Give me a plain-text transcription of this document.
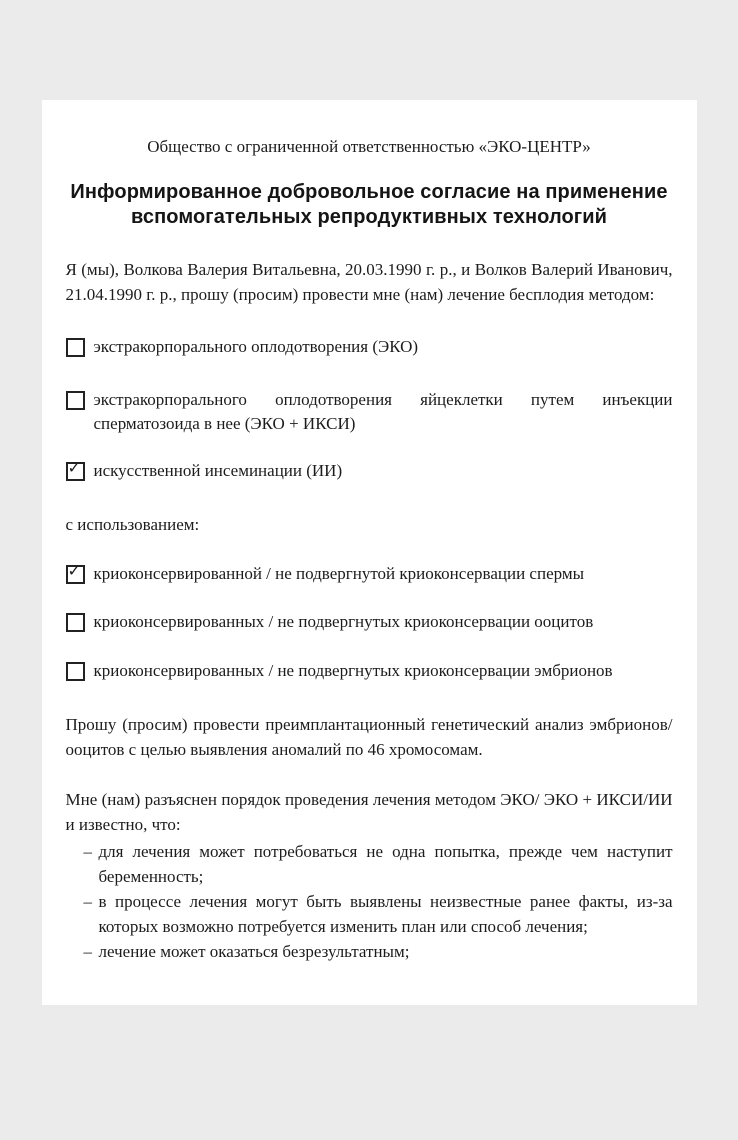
Общество с ограниченной ответственностью «ЭКО-ЦЕНТР»
Информированное добровольное согласие на применение вспомогательных репродуктивных технологий
Я (мы), Волкова Валерия Витальевна, 20.03.1990 г. р., и Волков Валерий Иванович, 21.04.1990 г. р., прошу (просим) провести мне (нам) лечение бесплодия методом:
экстракорпорального оплодотворения (ЭКО)
экстракорпорального оплодотворения яйцеклетки путем инъекции сперматозоида в нее (ЭКО + ИКСИ)
✓ искусственной инсеминации (ИИ)
с использованием:
✓ криоконсервированной / не подвергнутой криоконсервации спермы
криоконсервированных / не подвергнутых криоконсервации ооцитов
криоконсервированных / не подвергнутых криоконсервации эмбрионов
Прошу (просим) провести преимплантационный генетический анализ эмбрионов/ооцитов с целью выявления аномалий по 46 хромосомам.
Мне (нам) разъяснен порядок проведения лечения методом ЭКО/ ЭКО + ИКСИ/ИИ и известно, что:
– для лечения может потребоваться не одна попытка, прежде чем наступит беременность;
– в процессе лечения могут быть выявлены неизвестные ранее факты, из-за которых возможно потребуется изменить план или способ лечения;
– лечение может оказаться безрезультатным;
